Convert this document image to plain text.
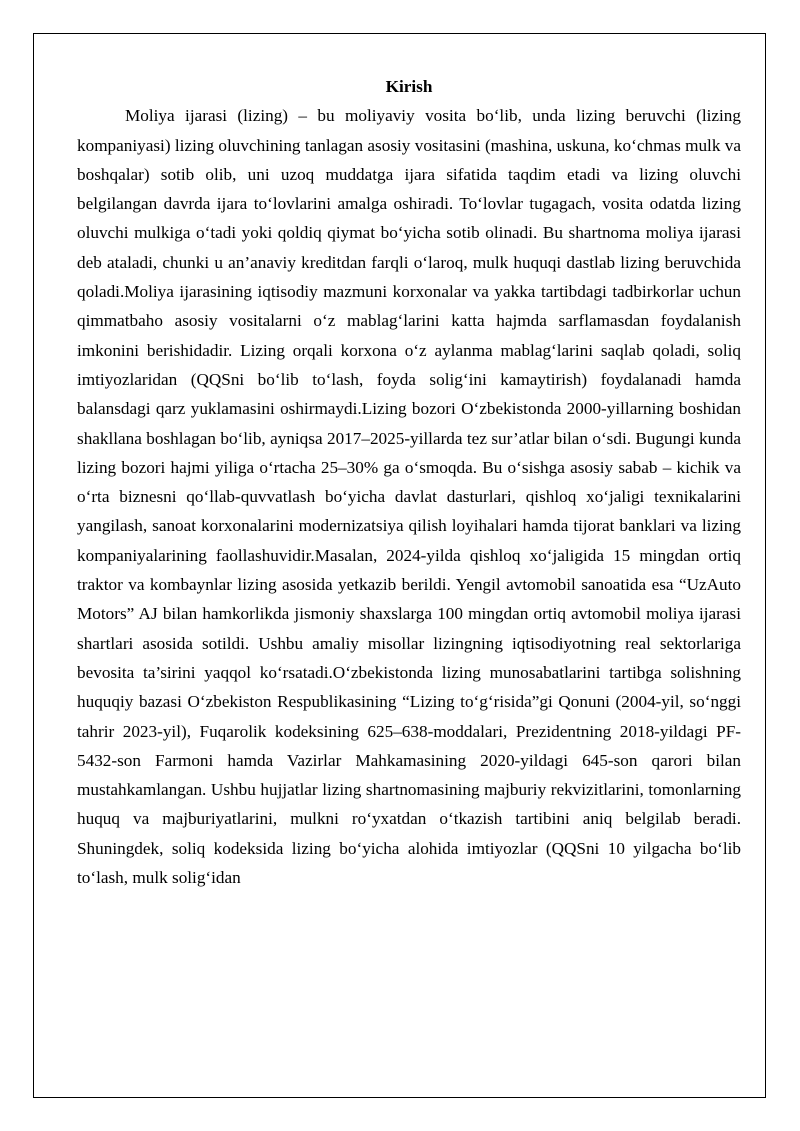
Kirish

Moliya ijarasi (lizing) – bu moliyaviy vosita boʻlib, unda lizing beruvchi (lizing kompaniyasi) lizing oluvchining tanlagan asosiy vositasini (mashina, uskuna, koʻchmas mulk va boshqalar) sotib olib, uni uzoq muddatga ijara sifatida taqdim etadi va lizing oluvchi belgilangan davrda ijara toʻlovlarini amalga oshiradi. Toʻlovlar tugagach, vosita odatda lizing oluvchi mulkiga oʻtadi yoki qoldiq qiymat boʻyicha sotib olinadi. Bu shartnoma moliya ijarasi deb ataladi, chunki u an’anaviy kreditdan farqli oʻlaroq, mulk huquqi dastlab lizing beruvchida qoladi.Moliya ijarasining iqtisodiy mazmuni korxonalar va yakka tartibdagi tadbirkorlar uchun qimmatbaho asosiy vositalarni oʻz mablagʻlarini katta hajmda sarflamasdan foydalanish imkonini berishidadir. Lizing orqali korxona oʻz aylanma mablagʻlarini saqlab qoladi, soliq imtiyozlaridan (QQSni boʻlib toʻlash, foyda soligʻini kamaytirish) foydalanadi hamda balansdagi qarz yuklamasini oshirmaydi.Lizing bozori Oʻzbekistonda 2000-yillarning boshidan shakllana boshlagan boʻlib, ayniqsa 2017–2025-yillarda tez sur’atlar bilan oʻsdi. Bugungi kunda lizing bozori hajmi yiliga oʻrtacha 25–30% ga oʻsmoqda. Bu oʻsishga asosiy sabab – kichik va oʻrta biznesni qoʻllab-quvvatlash boʻyicha davlat dasturlari, qishloq xoʻjaligi texnikalarini yangilash, sanoat korxonalarini modernizatsiya qilish loyihalari hamda tijorat banklari va lizing kompaniyalarining faollashuvidir.Masalan, 2024-yilda qishloq xoʻjaligida 15 mingdan ortiq traktor va kombaynlar lizing asosida yetkazib berildi. Yengil avtomobil sanoatida esa “UzAuto Motors” AJ bilan hamkorlikda jismoniy shaxslarga 100 mingdan ortiq avtomobil moliya ijarasi shartlari asosida sotildi. Ushbu amaliy misollar lizingning iqtisodiyotning real sektorlariga bevosita ta’sirini yaqqol koʻrsatadi.Oʻzbekistonda lizing munosabatlarini tartibga solishning huquqiy bazasi Oʻzbekiston Respublikasining “Lizing toʻgʻrisida”gi Qonuni (2004-yil, soʻnggi tahrir 2023-yil), Fuqarolik kodeksining 625–638-moddalari, Prezidentning 2018-yildagi PF-5432-son Farmoni hamda Vazirlar Mahkamasining 2020-yildagi 645-son qarori bilan mustahkamlangan. Ushbu hujjatlar lizing shartnomasining majburiy rekvizitlarini, tomonlarning huquq va majburiyatlarini, mulkni roʻyxatdan oʻtkazish tartibini aniq belgilab beradi. Shuningdek, soliq kodeksida lizing boʻyicha alohida imtiyozlar (QQSni 10 yilgacha boʻlib toʻlash, mulk soligʻidan
